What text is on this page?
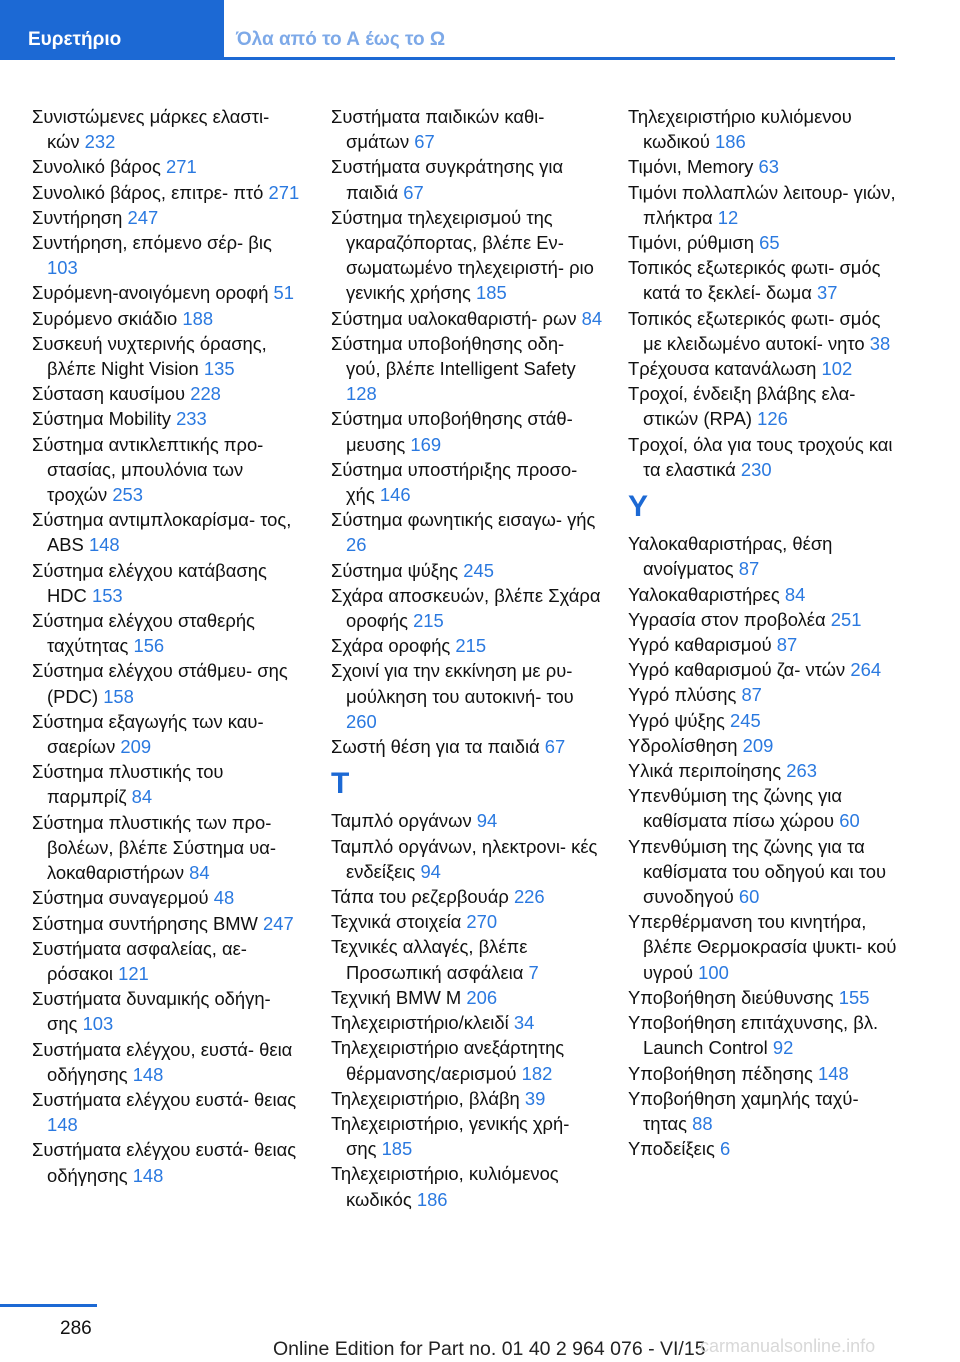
Ευρετήριο	Όλα από το Α έως το Ω
Συνιστώμενες μάρκες ελαστι‐ κών 232
Συνολικό βάρος 271
Συνολικό βάρος, επιτρε‐ πτό 271
Συντήρηση 247
Συντήρηση, επόμενο σέρ‐ βις 103
Συρόμενη-ανοιγόμενη οροφή 51
Συρόμενο σκιάδιο 188
Συσκευή νυχτερινής όρασης, βλέπε Night Vision 135
Σύσταση καυσίμου 228
Σύστημα Mobility 233
Σύστημα αντικλεπτικής προ‐ στασίας, μπουλόνια των τροχών 253
Σύστημα αντιμπλοκαρίσμα‐ τος, ABS 148
Σύστημα ελέγχου κατάβασης HDC 153
Σύστημα ελέγχου σταθερής ταχύτητας 156
Σύστημα ελέγχου στάθμευ‐ σης (PDC) 158
Σύστημα εξαγωγής των καυ‐ σαερίων 209
Σύστημα πλυστικής του παρμπρίζ 84
Σύστημα πλυστικής των προ‐ βολέων, βλέπε Σύστημα υα‐ λοκαθαριστήρων 84
Σύστημα συναγερμού 48
Σύστημα συντήρησης BMW 247
Συστήματα ασφαλείας, αε‐ ρόσακοι 121
Συστήματα δυναμικής οδήγη‐ σης 103
Συστήματα ελέγχου, ευστά‐ θεια οδήγησης 148
Συστήματα ελέγχου ευστά‐ θειας 148
Συστήματα ελέγχου ευστά‐ θειας οδήγησης 148
Συστήματα παιδικών καθι‐ σμάτων 67
Συστήματα συγκράτησης για παιδιά 67
Σύστημα τηλεχειρισμού της γκαραζόπορτας, βλέπε Εν‐ σωματωμένο τηλεχειριστή‐ ριο γενικής χρήσης 185
Σύστημα υαλοκαθαριστή‐ ρων 84
Σύστημα υποβοήθησης οδη‐ γού, βλέπε Intelligent Safety 128
Σύστημα υποβοήθησης στάθ‐ μευσης 169
Σύστημα υποστήριξης προσο‐ χής 146
Σύστημα φωνητικής εισαγω‐ γής 26
Σύστημα ψύξης 245
Σχάρα αποσκευών, βλέπε Σχάρα οροφής 215
Σχάρα οροφής 215
Σχοινί για την εκκίνηση με ρυ‐ μούλκηση του αυτοκινή‐ του 260
Σωστή θέση για τα παιδιά 67
T
Ταμπλό οργάνων 94
Ταμπλό οργάνων, ηλεκτρονι‐ κές ενδείξεις 94
Τάπα του ρεζερβουάρ 226
Τεχνικά στοιχεία 270
Τεχνικές αλλαγές, βλέπε Προσωπική ασφάλεια 7
Τεχνική BMW M 206
Τηλεχειριστήριο/κλειδί 34
Τηλεχειριστήριο ανεξάρτητης θέρμανσης/αερισμού 182
Τηλεχειριστήριο, βλάβη 39
Τηλεχειριστήριο, γενικής χρή‐ σης 185
Τηλεχειριστήριο, κυλιόμενος κωδικός 186
Τηλεχειριστήριο κυλιόμενου κωδικού 186
Τιμόνι, Memory 63
Τιμόνι πολλαπλών λειτουρ‐ γιών, πλήκτρα 12
Τιμόνι, ρύθμιση 65
Τοπικός εξωτερικός φωτι‐ σμός κατά το ξεκλεί‐ δωμα 37
Τοπικός εξωτερικός φωτι‐ σμός με κλειδωμένο αυτοκί‐ νητο 38
Τρέχουσα κατανάλωση 102
Τροχοί, ένδειξη βλάβης ελα‐ στικών (RPA) 126
Τροχοί, όλα για τους τροχούς και τα ελαστικά 230
Y
Υαλοκαθαριστήρας, θέση ανοίγματος 87
Υαλοκαθαριστήρες 84
Υγρασία στον προβολέα 251
Υγρό καθαρισμού 87
Υγρό καθαρισμού ζα‐ ντών 264
Υγρό πλύσης 87
Υγρό ψύξης 245
Υδρολίσθηση 209
Υλικά περιποίησης 263
Υπενθύμιση της ζώνης για καθίσματα πίσω χώρου 60
Υπενθύμιση της ζώνης για τα καθίσματα του οδηγού και του συνοδηγού 60
Υπερθέρμανση του κινητήρα, βλέπε Θερμοκρασία ψυκτι‐ κού υγρού 100
Υποβοήθηση διεύθυνσης 155
Υποβοήθηση επιτάχυνσης, βλ. Launch Control 92
Υποβοήθηση πέδησης 148
Υποβοήθηση χαμηλής ταχύ‐ τητας 88
Υποδείξεις 6
286
Online Edition for Part no. 01 40 2 964 076 - VI/15
carmanualsonline.info
